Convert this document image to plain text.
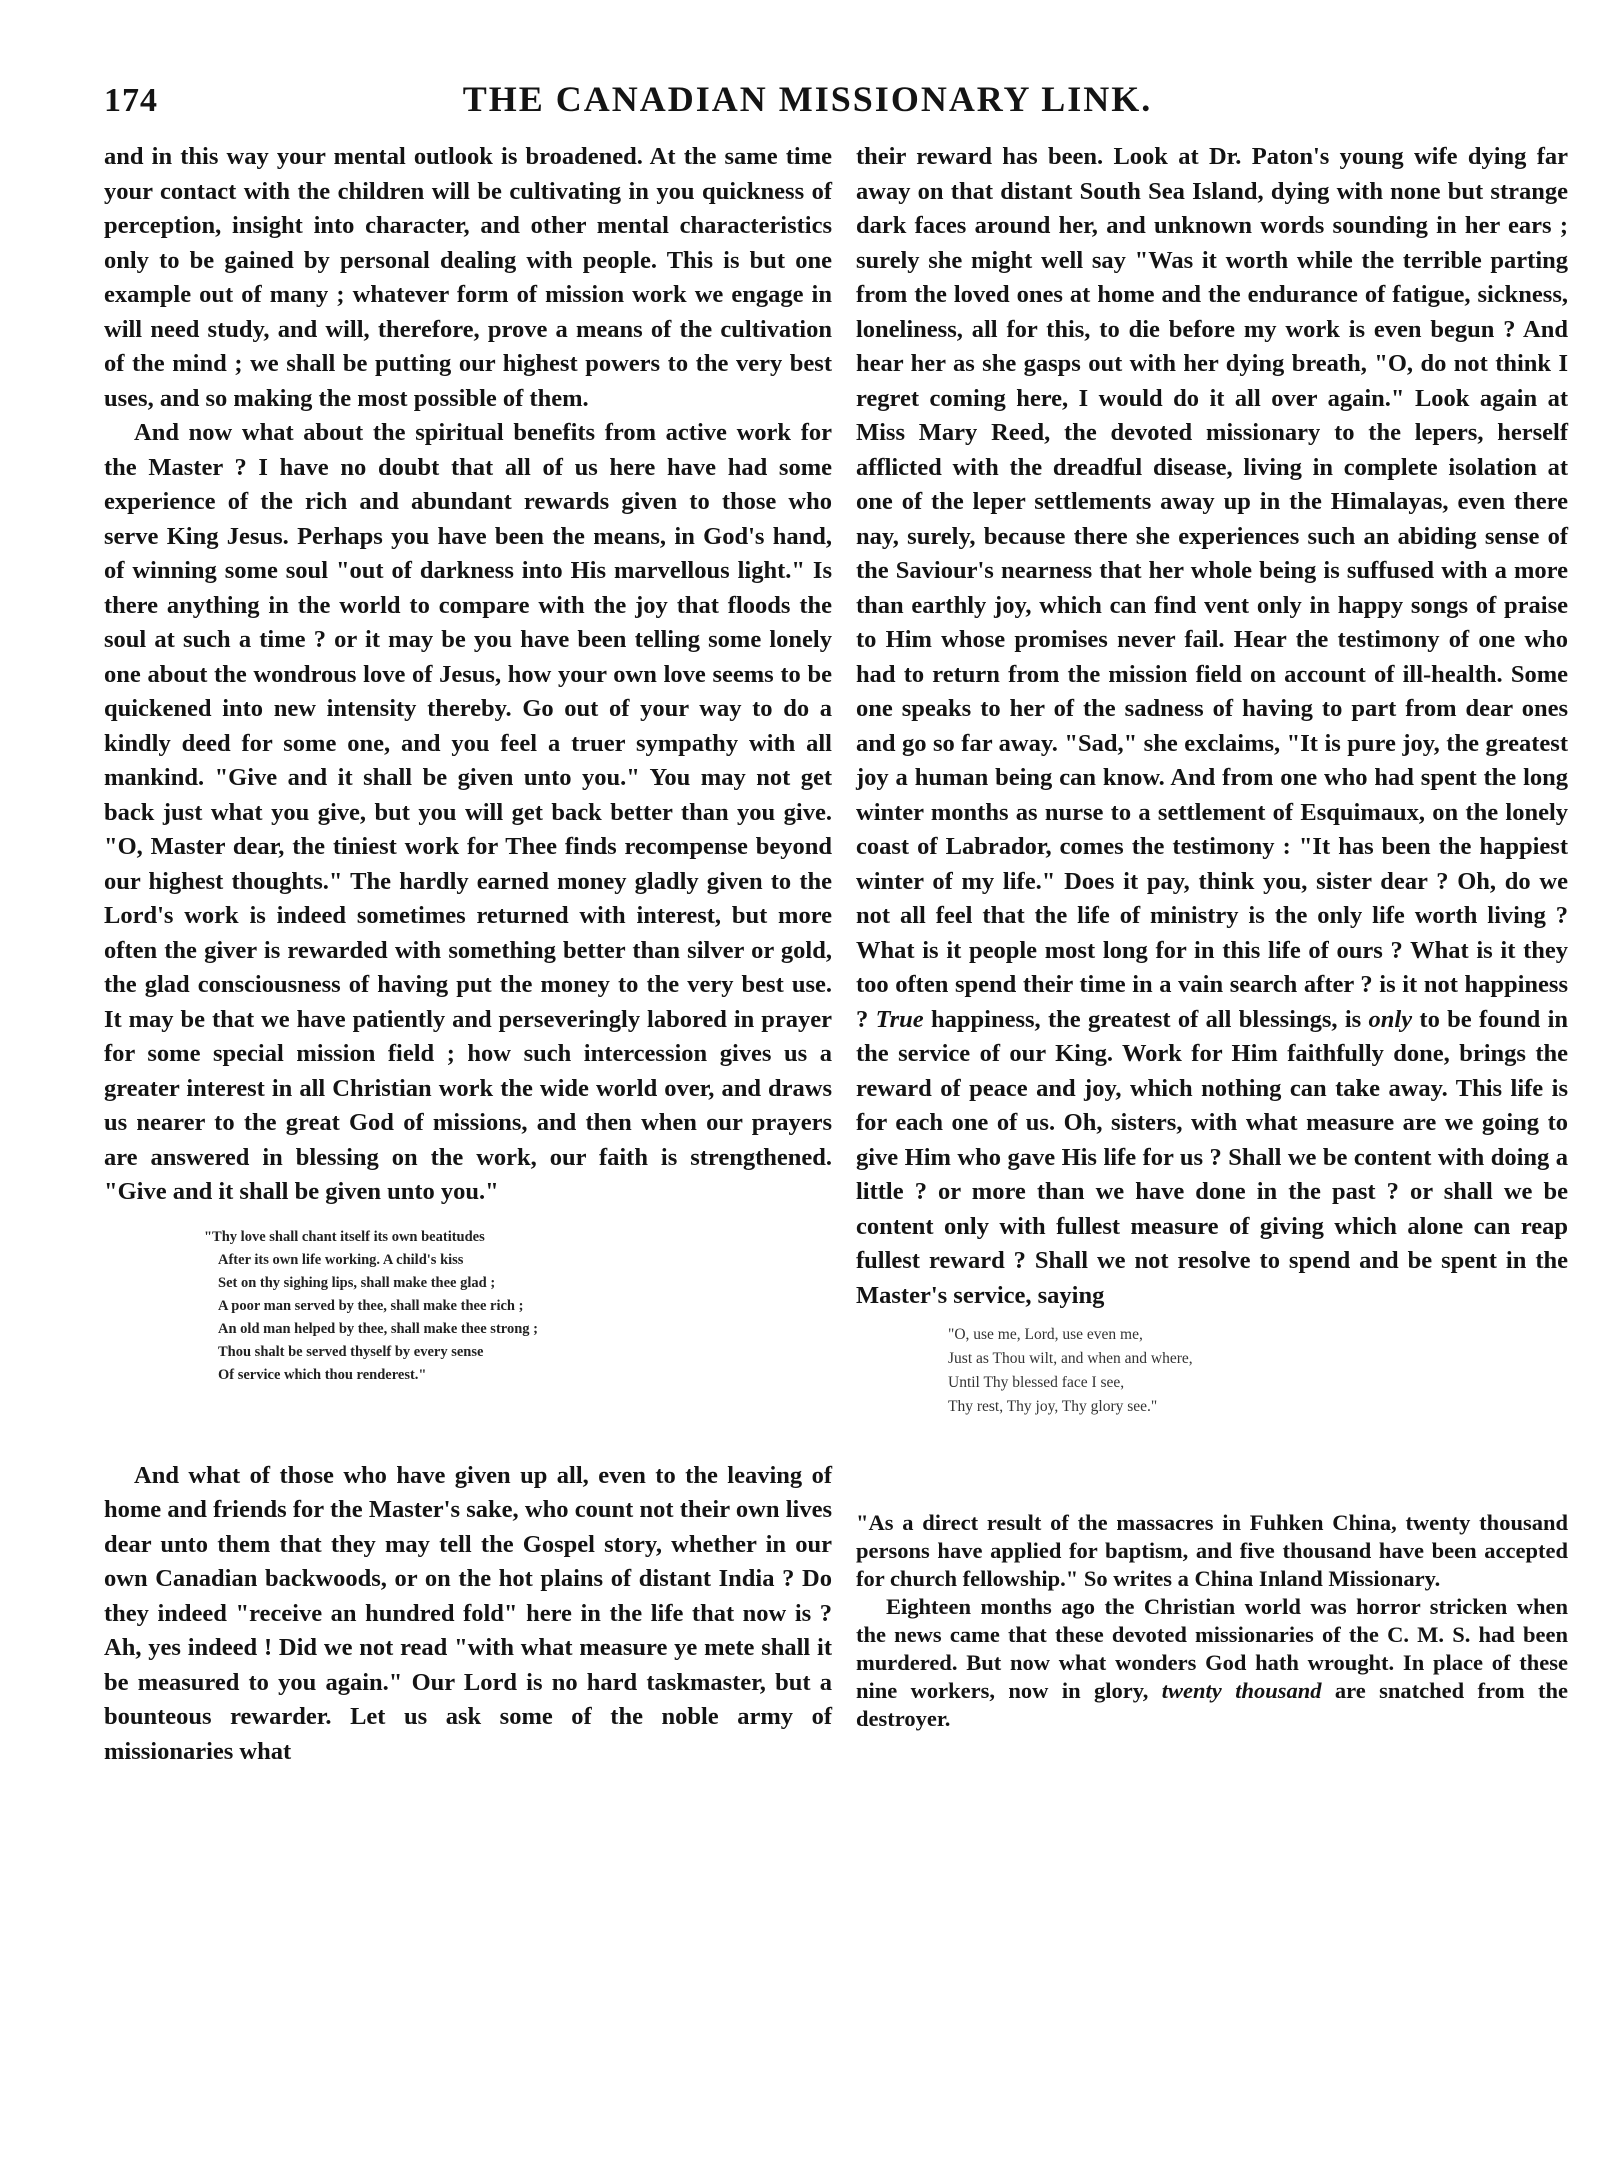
174	THE CANADIAN MISSIONARY LINK.

and in this way your mental outlook is broadened. At the same time your contact with the children will be cultivating in you quickness of perception, insight into character, and other mental characteristics only to be gained by personal dealing with people. This is but one example out of many ; whatever form of mission work we engage in will need study, and will, therefore, prove a means of the cultivation of the mind ; we shall be putting our highest powers to the very best uses, and so making the most possible of them.

And now what about the spiritual benefits from active work for the Master ? I have no doubt that all of us here have had some experience of the rich and abundant rewards given to those who serve King Jesus. Perhaps you have been the means, in God's hand, of winning some soul "out of darkness into His marvellous light." Is there anything in the world to compare with the joy that floods the soul at such a time ? or it may be you have been telling some lonely one about the wondrous love of Jesus, how your own love seems to be quickened into new intensity thereby. Go out of your way to do a kindly deed for some one, and you feel a truer sympathy with all mankind. "Give and it shall be given unto you." You may not get back just what you give, but you will get back better than you give. "O, Master dear, the tiniest work for Thee finds recompense beyond our highest thoughts." The hardly earned money gladly given to the Lord's work is indeed sometimes returned with interest, but more often the giver is rewarded with something better than silver or gold, the glad consciousness of having put the money to the very best use. It may be that we have patiently and perseveringly labored in prayer for some special mission field ; how such intercession gives us a greater interest in all Christian work the wide world over, and draws us nearer to the great God of missions, and then when our prayers are answered in blessing on the work, our faith is strengthened. "Give and it shall be given unto you."

"Thy love shall chant itself its own beatitudes
After its own life working. A child's kiss
Set on thy sighing lips, shall make thee glad ;
A poor man served by thee, shall make thee rich ;
An old man helped by thee, shall make thee strong ;
Thou shalt be served thyself by every sense
Of service which thou renderest."

And what of those who have given up all, even to the leaving of home and friends for the Master's sake, who count not their own lives dear unto them that they may tell the Gospel story, whether in our own Canadian backwoods, or on the hot plains of distant India ? Do they indeed "receive an hundred fold" here in the life that now is ? Ah, yes indeed ! Did we not read "with what measure ye mete shall it be measured to you again." Our Lord is no hard taskmaster, but a bounteous rewarder. Let us ask some of the noble army of missionaries what

their reward has been. Look at Dr. Paton's young wife dying far away on that distant South Sea Island, dying with none but strange dark faces around her, and unknown words sounding in her ears ; surely she might well say "Was it worth while the terrible parting from the loved ones at home and the endurance of fatigue, sickness, loneliness, all for this, to die before my work is even begun ? And hear her as she gasps out with her dying breath, "O, do not think I regret coming here, I would do it all over again." Look again at Miss Mary Reed, the devoted missionary to the lepers, herself afflicted with the dreadful disease, living in complete isolation at one of the leper settlements away up in the Himalayas, even there nay, surely, because there she experiences such an abiding sense of the Saviour's nearness that her whole being is suffused with a more than earthly joy, which can find vent only in happy songs of praise to Him whose promises never fail. Hear the testimony of one who had to return from the mission field on account of ill-health. Some one speaks to her of the sadness of having to part from dear ones and go so far away. "Sad," she exclaims, "It is pure joy, the greatest joy a human being can know. And from one who had spent the long winter months as nurse to a settlement of Esquimaux, on the lonely coast of Labrador, comes the testimony : "It has been the happiest winter of my life." Does it pay, think you, sister dear ? Oh, do we not all feel that the life of ministry is the only life worth living ? What is it people most long for in this life of ours ? What is it they too often spend their time in a vain search after ? is it not happiness ? True happiness, the greatest of all blessings, is only to be found in the service of our King. Work for Him faithfully done, brings the reward of peace and joy, which nothing can take away. This life is for each one of us. Oh, sisters, with what measure are we going to give Him who gave His life for us ? Shall we be content with doing a little ? or more than we have done in the past ? or shall we be content only with fullest measure of giving which alone can reap fullest reward ? Shall we not resolve to spend and be spent in the Master's service, saying

"O, use me, Lord, use even me,
Just as Thou wilt, and when and where,
Until Thy blessed face I see,
Thy rest, Thy joy, Thy glory see."

"As a direct result of the massacres in Fuhken China, twenty thousand persons have applied for baptism, and five thousand have been accepted for church fellowship." So writes a China Inland Missionary.

Eighteen months ago the Christian world was horror stricken when the news came that these devoted missionaries of the C. M. S. had been murdered. But now what wonders God hath wrought. In place of these nine workers, now in glory, twenty thousand are snatched from the destroyer.
